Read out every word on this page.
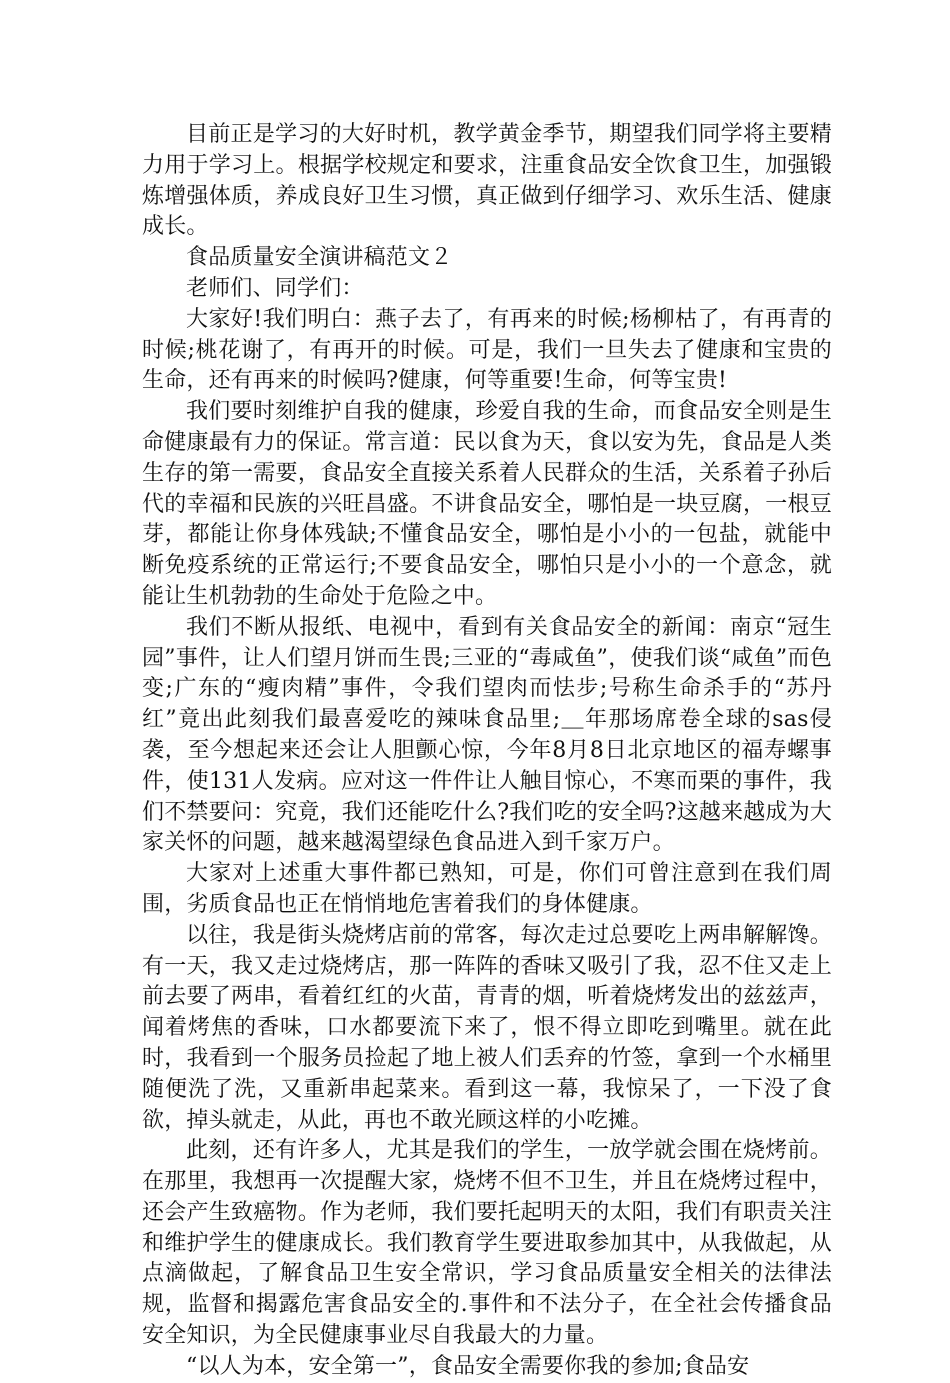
目前正是学习的大好时机，教学黄金季节，期望我们同学将主要精力用于学习上。根据学校规定和要求，注重食品安全饮食卫生，加强锻炼增强体质，养成良好卫生习惯，真正做到仔细学习、欢乐生活、健康成长。

食品质量安全演讲稿范文２

老师们、同学们：

大家好!我们明白：燕子去了，有再来的时候;杨柳枯了，有再青的时候;桃花谢了，有再开的时候。可是，我们一旦失去了健康和宝贵的生命，还有再来的时候吗?健康，何等重要!生命，何等宝贵!

我们要时刻维护自我的健康，珍爱自我的生命，而食品安全则是生命健康最有力的保证。常言道：民以食为天，食以安为先，食品是人类生存的第一需要，食品安全直接关系着人民群众的生活，关系着子孙后代的幸福和民族的兴旺昌盛。不讲食品安全，哪怕是一块豆腐，一根豆芽，都能让你身体残缺;不懂食品安全，哪怕是小小的一包盐，就能中断免疫系统的正常运行;不要食品安全，哪怕只是小小的一个意念，就能让生机勃勃的生命处于危险之中。

我们不断从报纸、电视中，看到有关食品安全的新闻：南京“冠生园”事件，让人们望月饼而生畏;三亚的“毒咸鱼”，使我们谈“咸鱼”而色变;广东的“瘦肉精”事件，令我们望肉而怯步;号称生命杀手的“苏丹红”竟出此刻我们最喜爱吃的辣味食品里;＿年那场席卷全球的sas侵袭，至今想起来还会让人胆颤心惊，今年8月8日北京地区的福寿螺事件，使131人发病。应对这一件件让人触目惊心，不寒而栗的事件，我们不禁要问：究竟，我们还能吃什么?我们吃的安全吗?这越来越成为大家关怀的问题，越来越渴望绿色食品进入到千家万户。

大家对上述重大事件都已熟知，可是，你们可曾注意到在我们周围，劣质食品也正在悄悄地危害着我们的身体健康。

以往，我是街头烧烤店前的常客，每次走过总要吃上两串解解馋。有一天，我又走过烧烤店，那一阵阵的香味又吸引了我，忍不住又走上前去要了两串，看着红红的火苗，青青的烟，听着烧烤发出的兹兹声，闻着烤焦的香味，口水都要流下来了，恨不得立即吃到嘴里。就在此时，我看到一个服务员捡起了地上被人们丢弃的竹签，拿到一个水桶里随便洗了洗，又重新串起菜来。看到这一幕，我惊呆了，一下没了食欲，掉头就走，从此，再也不敢光顾这样的小吃摊。

此刻，还有许多人，尤其是我们的学生，一放学就会围在烧烤前。在那里，我想再一次提醒大家，烧烤不但不卫生，并且在烧烤过程中，还会产生致癌物。作为老师，我们要托起明天的太阳，我们有职责关注和维护学生的健康成长。我们教育学生要进取参加其中，从我做起，从点滴做起，了解食品卫生安全常识，学习食品质量安全相关的法律法规，监督和揭露危害食品安全的.事件和不法分子，在全社会传播食品安全知识，为全民健康事业尽自我最大的力量。

“以人为本，安全第一”，食品安全需要你我的参加;食品安
